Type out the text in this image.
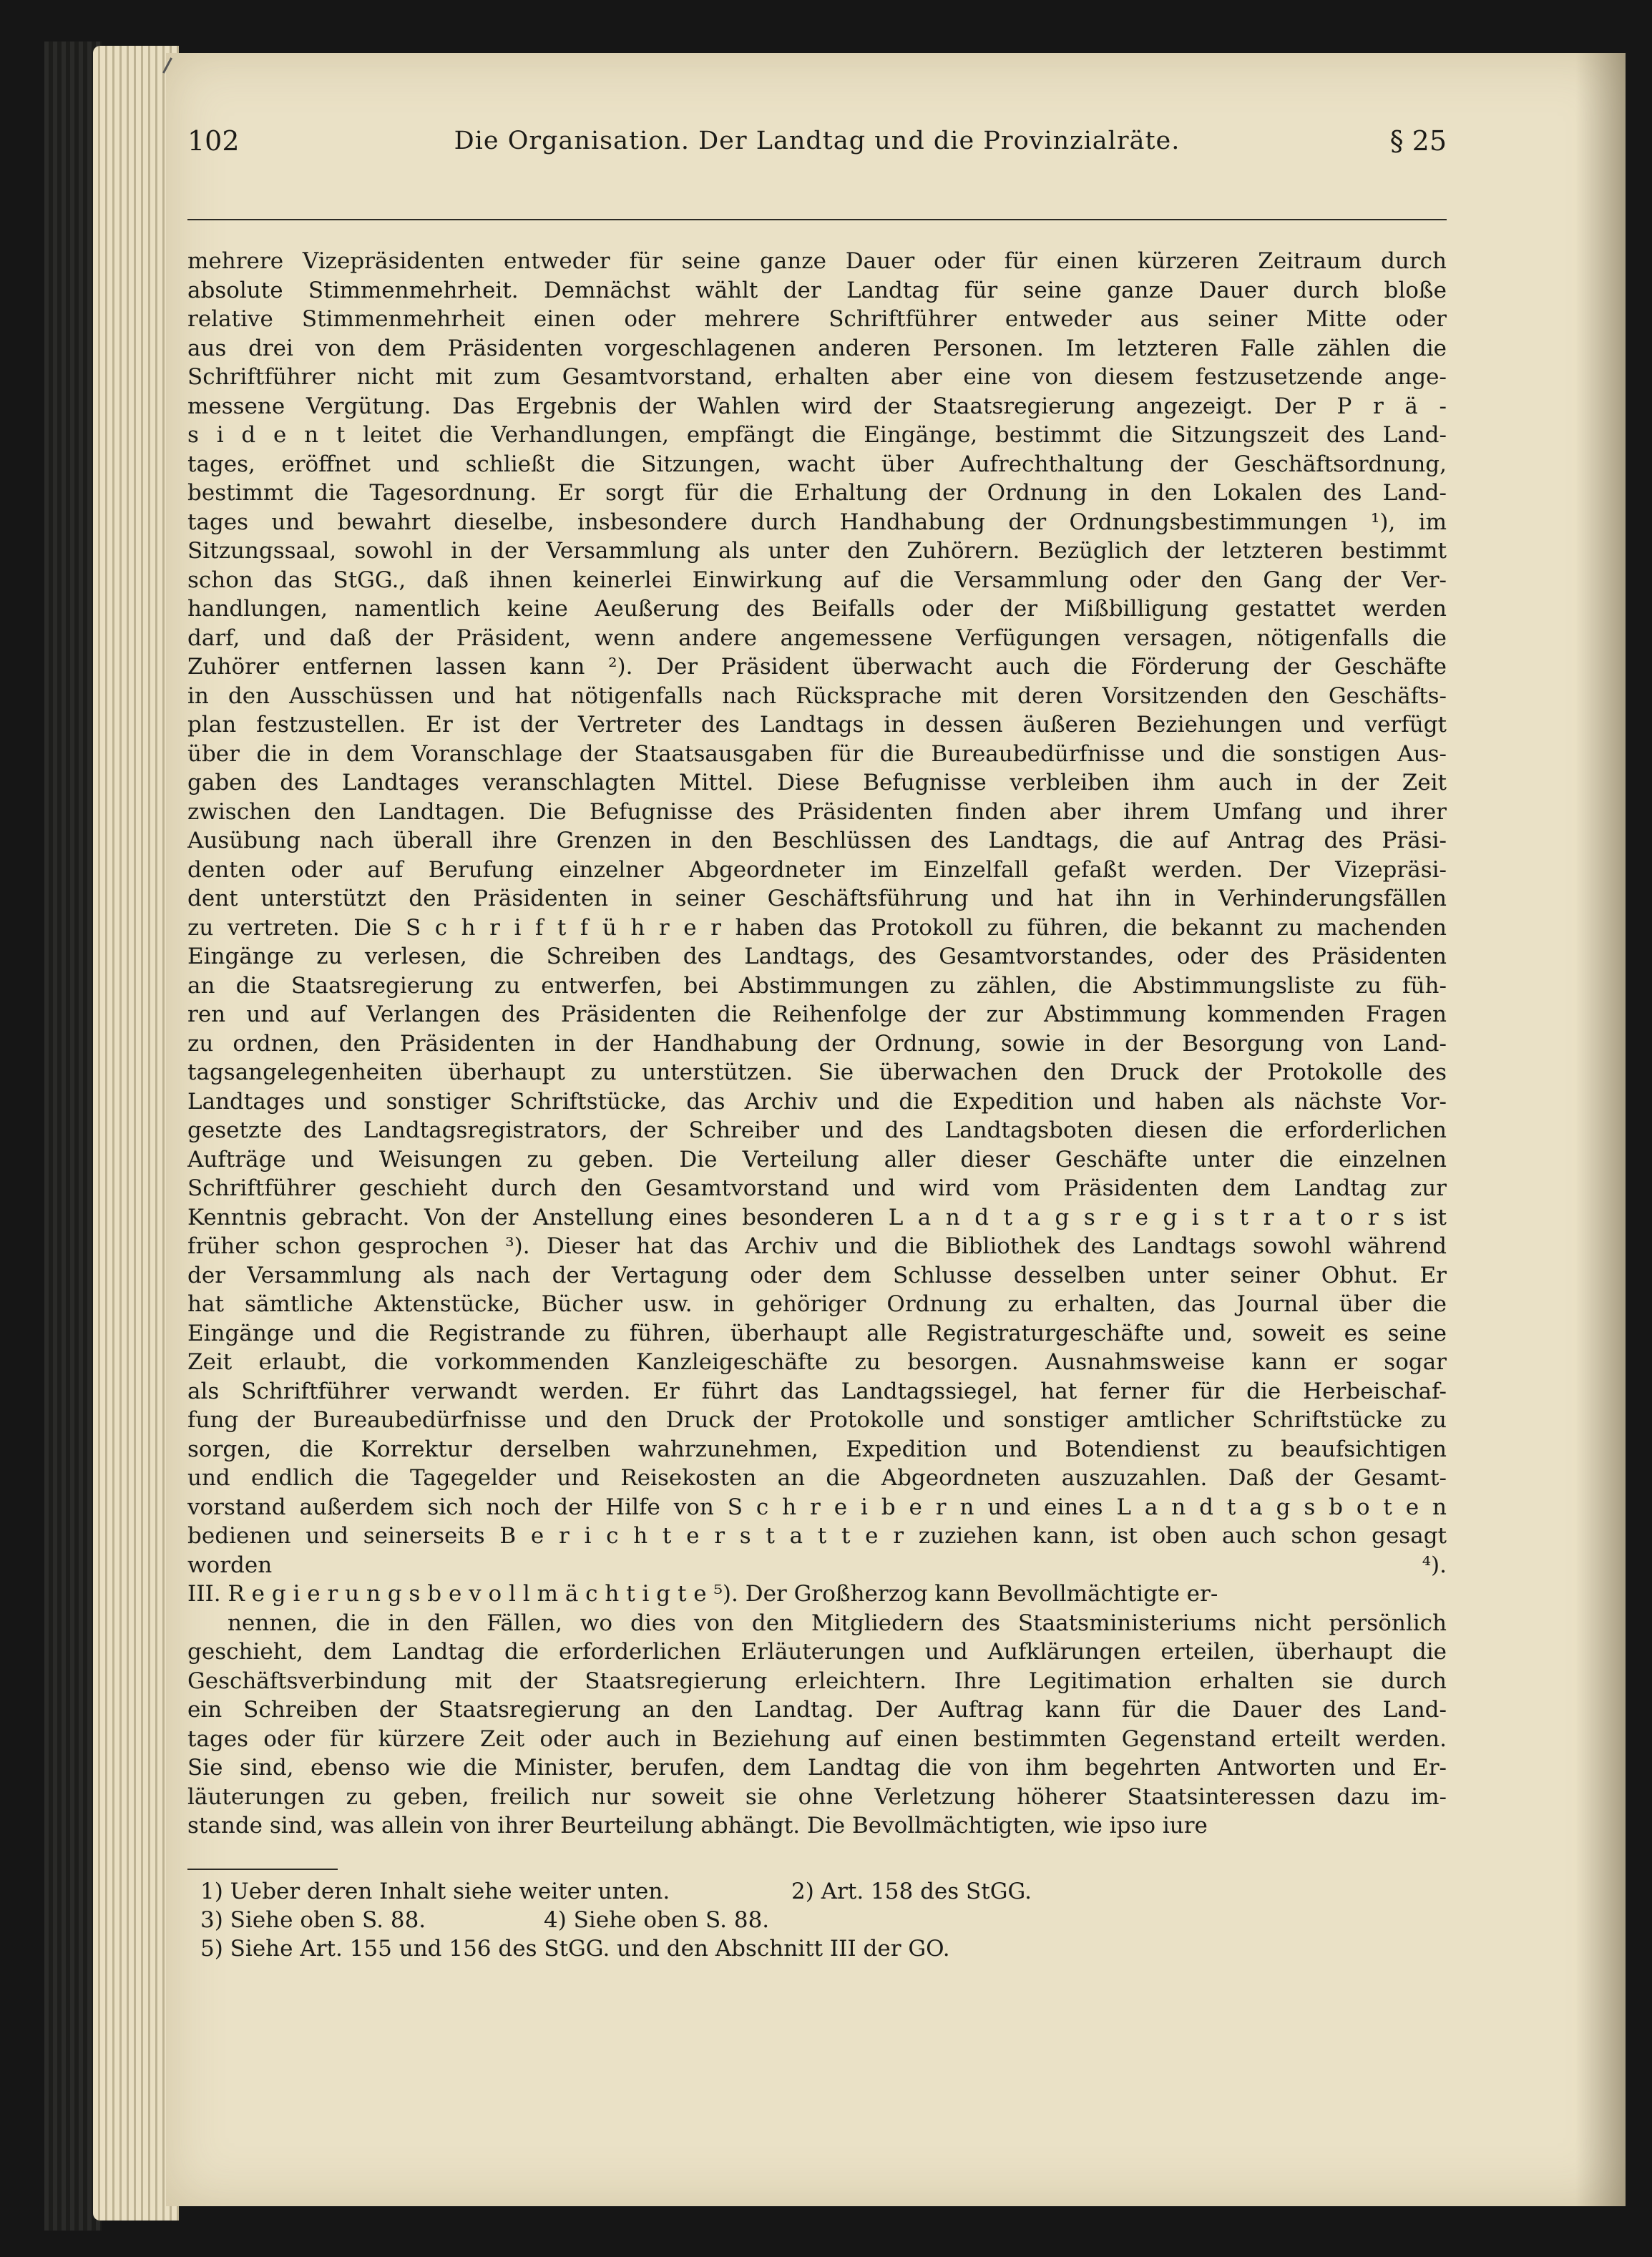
102	Die Organisation. Der Landtag und die Provinzialräte.	§ 25
mehrere Vizepräsidenten entweder für seine ganze Dauer oder für einen kürzeren Zeitraum durch
absolute Stimmenmehrheit. Demnächst wählt der Landtag für seine ganze Dauer durch bloße
relative Stimmenmehrheit einen oder mehrere Schriftführer entweder aus seiner Mitte oder
aus drei von dem Präsidenten vorgeschlagenen anderen Personen. Im letzteren Falle zählen die
Schriftführer nicht mit zum Gesamtvorstand, erhalten aber eine von diesem festzusetzende ange-
messene Vergütung. Das Ergebnis der Wahlen wird der Staatsregierung angezeigt. Der P r ä -
s i d e n t leitet die Verhandlungen, empfängt die Eingänge, bestimmt die Sitzungszeit des Land-
tages, eröffnet und schließt die Sitzungen, wacht über Aufrechthaltung der Geschäftsordnung,
bestimmt die Tagesordnung. Er sorgt für die Erhaltung der Ordnung in den Lokalen des Land-
tages und bewahrt dieselbe, insbesondere durch Handhabung der Ordnungsbestimmungen ¹), im
Sitzungssaal, sowohl in der Versammlung als unter den Zuhörern. Bezüglich der letzteren bestimmt
schon das StGG., daß ihnen keinerlei Einwirkung auf die Versammlung oder den Gang der Ver-
handlungen, namentlich keine Aeußerung des Beifalls oder der Mißbilligung gestattet werden
darf, und daß der Präsident, wenn andere angemessene Verfügungen versagen, nötigenfalls die
Zuhörer entfernen lassen kann ²). Der Präsident überwacht auch die Förderung der Geschäfte
in den Ausschüssen und hat nötigenfalls nach Rücksprache mit deren Vorsitzenden den Geschäfts-
plan festzustellen. Er ist der Vertreter des Landtags in dessen äußeren Beziehungen und verfügt
über die in dem Voranschlage der Staatsausgaben für die Bureaubedürfnisse und die sonstigen Aus-
gaben des Landtages veranschlagten Mittel. Diese Befugnisse verbleiben ihm auch in der Zeit
zwischen den Landtagen. Die Befugnisse des Präsidenten finden aber ihrem Umfang und ihrer
Ausübung nach überall ihre Grenzen in den Beschlüssen des Landtags, die auf Antrag des Präsi-
denten oder auf Berufung einzelner Abgeordneter im Einzelfall gefaßt werden. Der Vizepräsi-
dent unterstützt den Präsidenten in seiner Geschäftsführung und hat ihn in Verhinderungsfällen
zu vertreten. Die S c h r i f t f ü h r e r haben das Protokoll zu führen, die bekannt zu machenden
Eingänge zu verlesen, die Schreiben des Landtags, des Gesamtvorstandes, oder des Präsidenten
an die Staatsregierung zu entwerfen, bei Abstimmungen zu zählen, die Abstimmungsliste zu füh-
ren und auf Verlangen des Präsidenten die Reihenfolge der zur Abstimmung kommenden Fragen
zu ordnen, den Präsidenten in der Handhabung der Ordnung, sowie in der Besorgung von Land-
tagsangelegenheiten überhaupt zu unterstützen. Sie überwachen den Druck der Protokolle des
Landtages und sonstiger Schriftstücke, das Archiv und die Expedition und haben als nächste Vor-
gesetzte des Landtagsregistrators, der Schreiber und des Landtagsboten diesen die erforderlichen
Aufträge und Weisungen zu geben. Die Verteilung aller dieser Geschäfte unter die einzelnen
Schriftführer geschieht durch den Gesamtvorstand und wird vom Präsidenten dem Landtag zur
Kenntnis gebracht. Von der Anstellung eines besonderen L a n d t a g s r e g i s t r a t o r s ist
früher schon gesprochen ³). Dieser hat das Archiv und die Bibliothek des Landtags sowohl während
der Versammlung als nach der Vertagung oder dem Schlusse desselben unter seiner Obhut. Er
hat sämtliche Aktenstücke, Bücher usw. in gehöriger Ordnung zu erhalten, das Journal über die
Eingänge und die Registrande zu führen, überhaupt alle Registraturgeschäfte und, soweit es seine
Zeit erlaubt, die vorkommenden Kanzleigeschäfte zu besorgen. Ausnahmsweise kann er sogar
als Schriftführer verwandt werden. Er führt das Landtagssiegel, hat ferner für die Herbeischaf-
fung der Bureaubedürfnisse und den Druck der Protokolle und sonstiger amtlicher Schriftstücke zu
sorgen, die Korrektur derselben wahrzunehmen, Expedition und Botendienst zu beaufsichtigen
und endlich die Tagegelder und Reisekosten an die Abgeordneten auszuzahlen. Daß der Gesamt-
vorstand außerdem sich noch der Hilfe von S c h r e i b e r n und eines L a n d t a g s b o t e n
bedienen und seinerseits B e r i c h t e r s t a t t e r zuziehen kann, ist oben auch schon gesagt
worden ⁴).
III. R e g i e r u n g s b e v o l l m ä c h t i g t e ⁵). Der Großherzog kann Bevollmächtigte er-
nennen, die in den Fällen, wo dies von den Mitgliedern des Staatsministeriums nicht persönlich
geschieht, dem Landtag die erforderlichen Erläuterungen und Aufklärungen erteilen, überhaupt die
Geschäftsverbindung mit der Staatsregierung erleichtern. Ihre Legitimation erhalten sie durch
ein Schreiben der Staatsregierung an den Landtag. Der Auftrag kann für die Dauer des Land-
tages oder für kürzere Zeit oder auch in Beziehung auf einen bestimmten Gegenstand erteilt werden.
Sie sind, ebenso wie die Minister, berufen, dem Landtag die von ihm begehrten Antworten und Er-
läuterungen zu geben, freilich nur soweit sie ohne Verletzung höherer Staatsinteressen dazu im-
stande sind, was allein von ihrer Beurteilung abhängt. Die Bevollmächtigten, wie ipso iure
1) Ueber deren Inhalt siehe weiter unten.	2) Art. 158 des StGG.
3) Siehe oben S. 88.	4) Siehe oben S. 88.
5) Siehe Art. 155 und 156 des StGG. und den Abschnitt III der GO.
